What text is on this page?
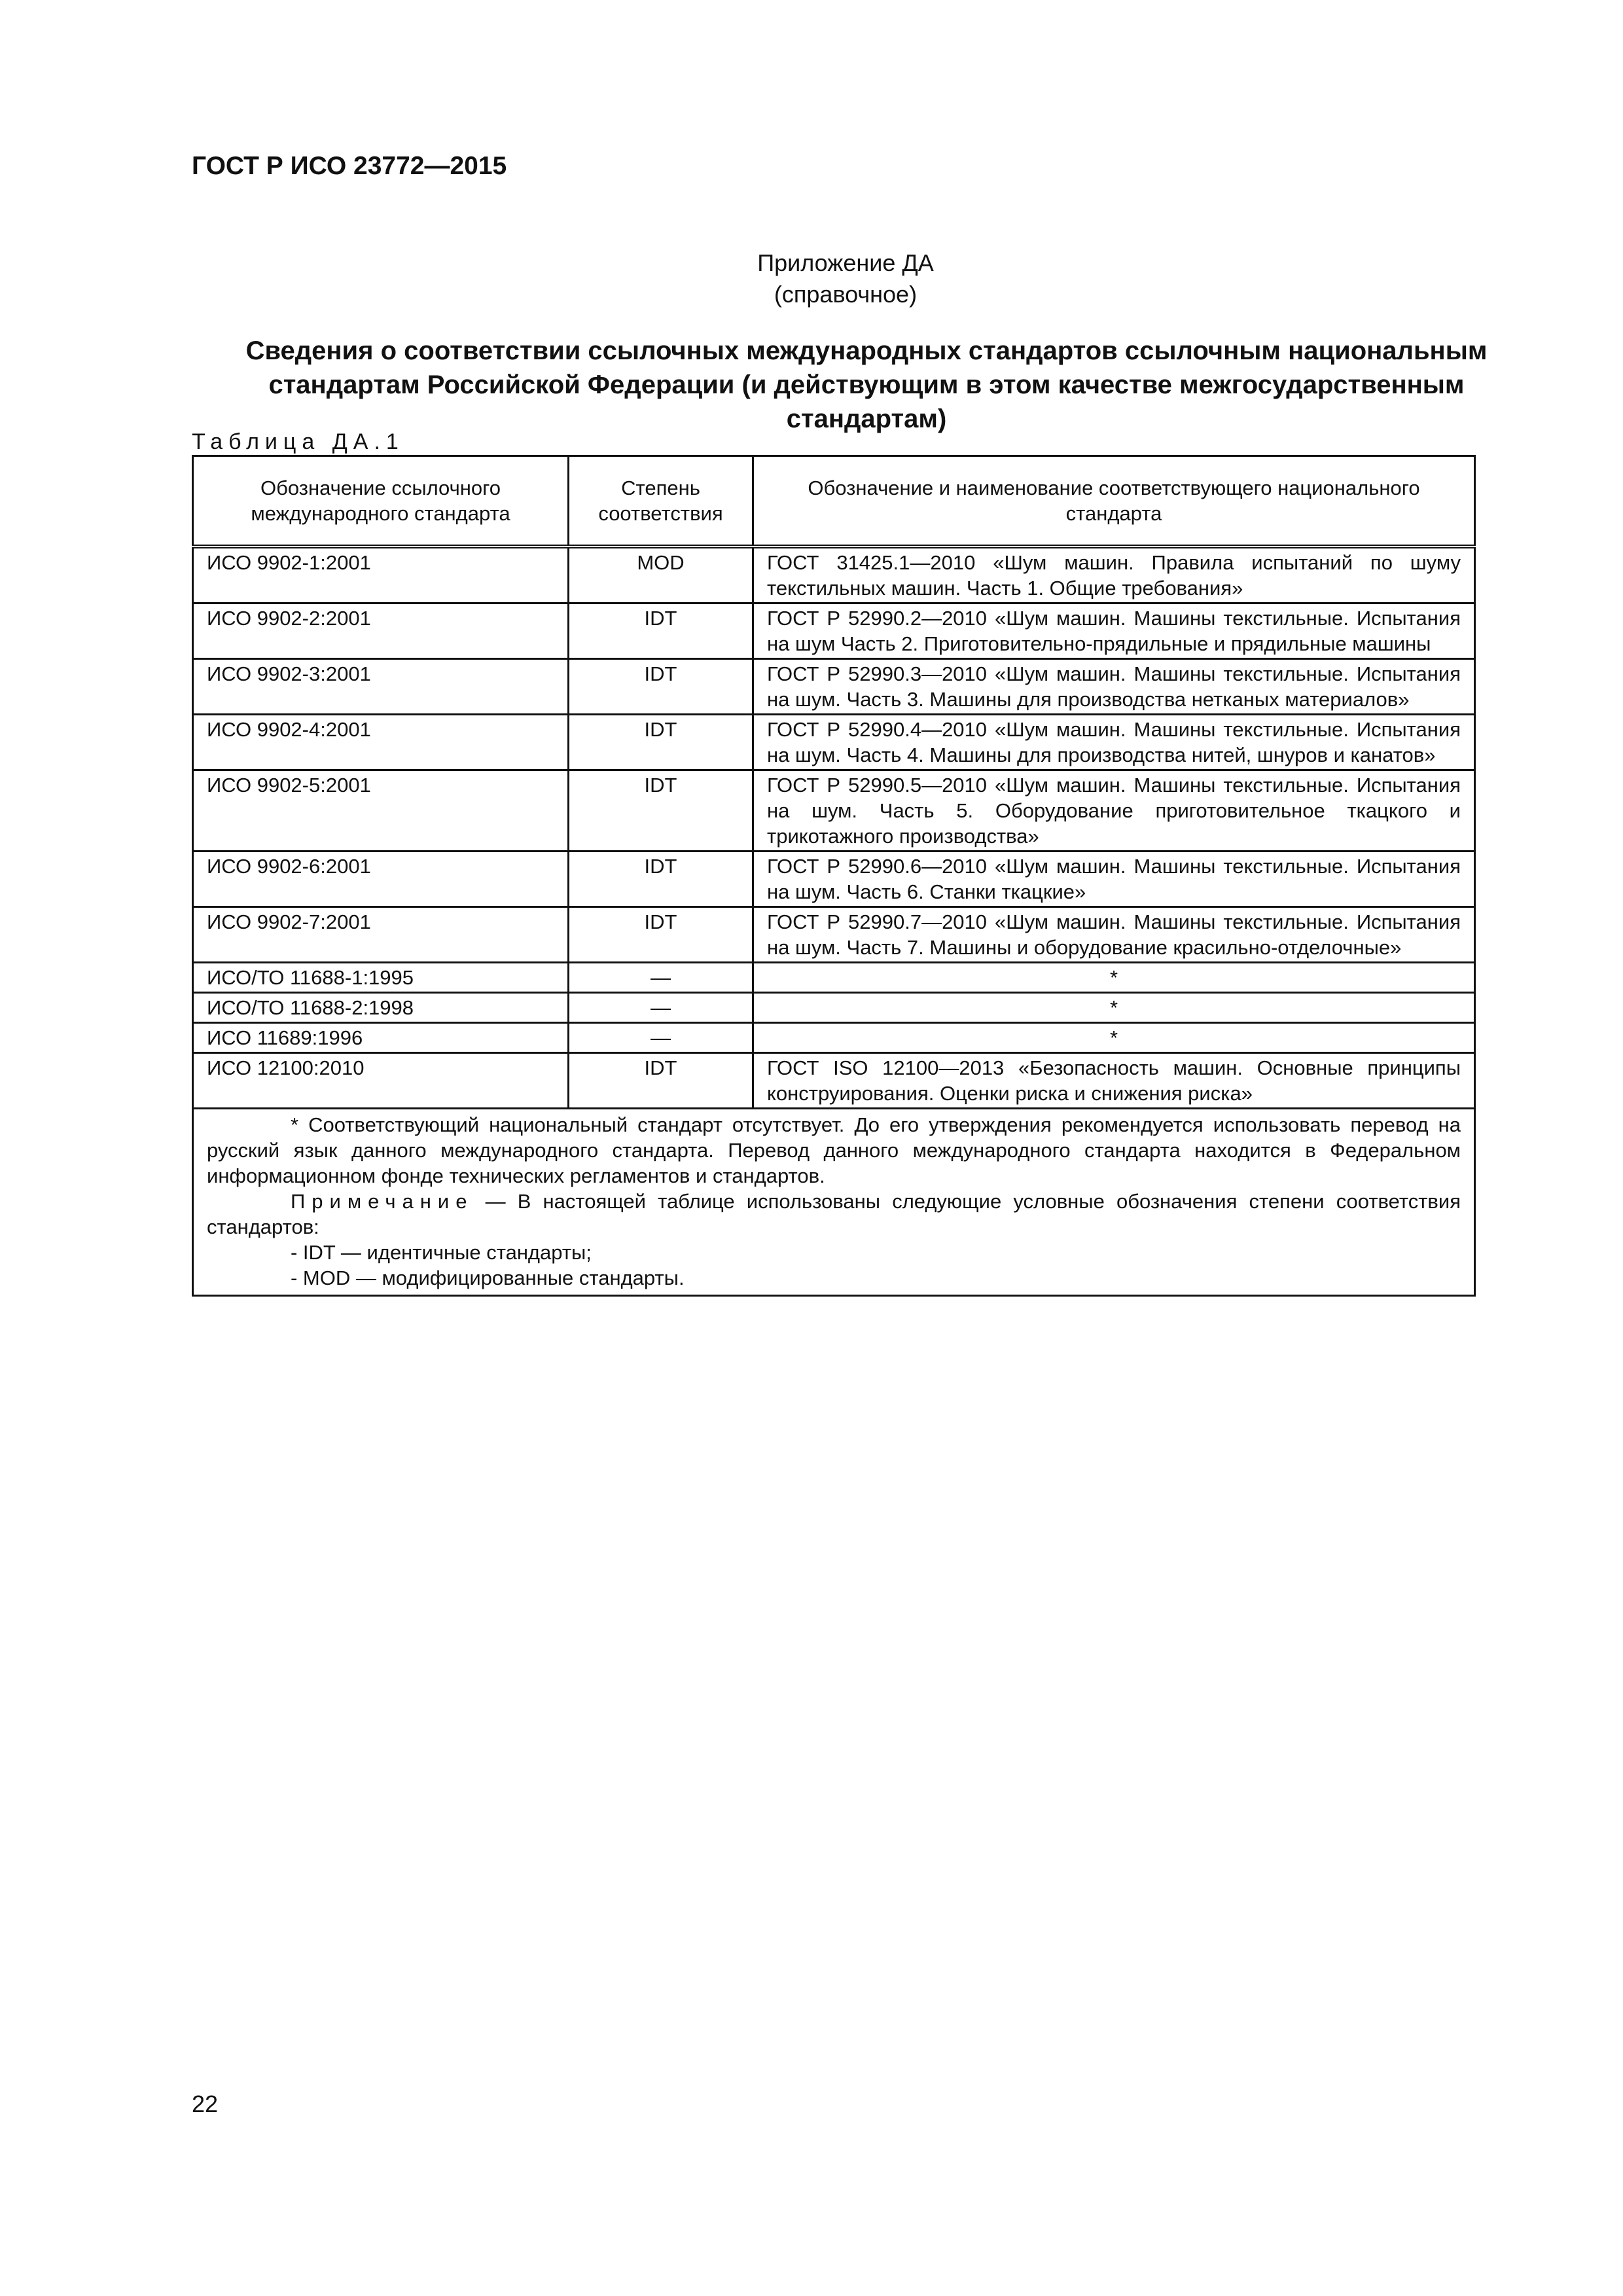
ГОСТ Р ИСО 23772—2015
Приложение ДА
(справочное)
Сведения о соответствии ссылочных международных стандартов ссылочным национальным стандартам Российской Федерации (и действующим в этом качестве межгосударственным стандартам)
Таблица ДА.1
Обозначение ссылочного международного стандарта	Степень соответствия	Обозначение и наименование соответствующего национального стандарта
ИСО 9902-1:2001	MOD	ГОСТ 31425.1—2010 «Шум машин. Правила испытаний по шуму текстильных машин. Часть 1. Общие требования»
ИСО 9902-2:2001	IDT	ГОСТ Р 52990.2—2010 «Шум машин. Машины текстильные. Испытания на шум Часть 2. Приготовительно-прядильные и прядильные машины
ИСО 9902-3:2001	IDT	ГОСТ Р 52990.3—2010 «Шум машин. Машины текстильные. Испытания на шум. Часть 3. Машины для производства нетканых материалов»
ИСО 9902-4:2001	IDT	ГОСТ Р 52990.4—2010 «Шум машин. Машины текстильные. Испытания на шум. Часть 4. Машины для производства нитей, шнуров и канатов»
ИСО 9902-5:2001	IDT	ГОСТ Р 52990.5—2010 «Шум машин. Машины текстильные. Испытания на шум. Часть 5. Оборудование приготовительное ткацкого и трикотажного производства»
ИСО 9902-6:2001	IDT	ГОСТ Р 52990.6—2010 «Шум машин. Машины текстильные. Испытания на шум. Часть 6. Станки ткацкие»
ИСО 9902-7:2001	IDT	ГОСТ Р 52990.7—2010 «Шум машин. Машины текстильные. Испытания на шум. Часть 7. Машины и оборудование красильно-отделочные»
ИСО/ТО 11688-1:1995	—	*
ИСО/ТО 11688-2:1998	—	*
ИСО 11689:1996	—	*
ИСО 12100:2010	IDT	ГОСТ ISO 12100—2013 «Безопасность машин. Основные принципы конструирования. Оценки риска и снижения риска»

* Соответствующий национальный стандарт отсутствует. До его утверждения рекомендуется использовать перевод на русский язык данного международного стандарта. Перевод данного международного стандарта находится в Федеральном информационном фонде технических регламентов и стандартов.
Примечание — В настоящей таблице использованы следующие условные обозначения степени соответствия стандартов:
- IDT — идентичные стандарты;
- MOD — модифицированные стандарты.		
22
